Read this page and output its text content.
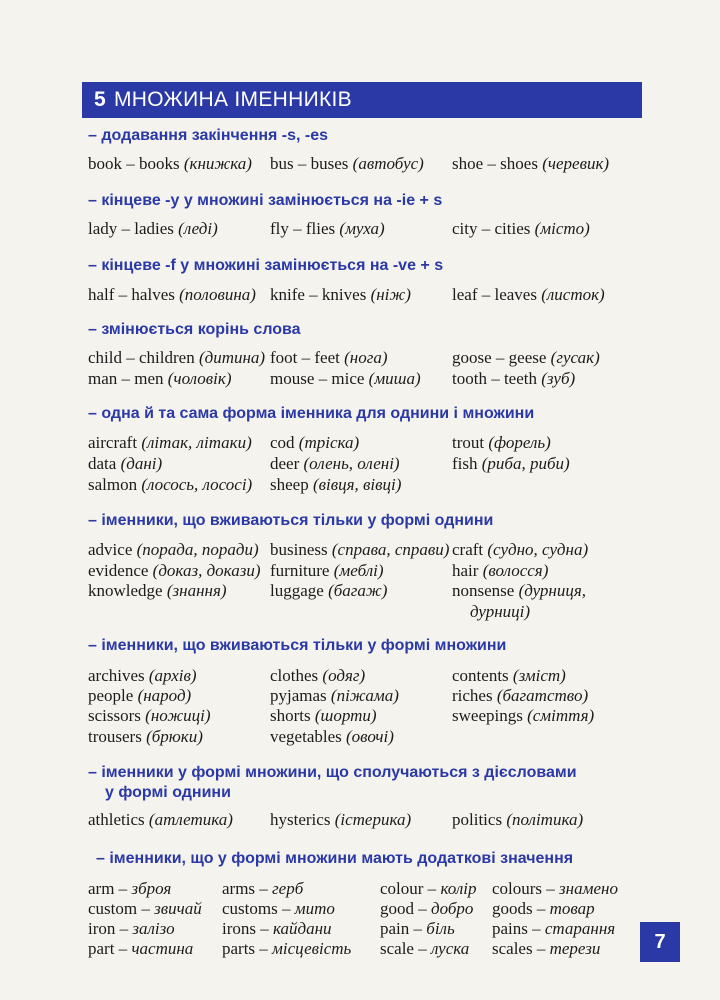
5 МНОЖИНА ІМЕННИКІВ
– додавання закінчення -s, -es
book – books (книжка) bus – buses (автобус) shoe – shoes (черевик)
– кінцеве -y у множині замінюється на -ie + s
lady – ladies (леді)	fly – flies (муха)	city – cities (місто)
– кінцеве -f у множині замінюється на -ve + s
half – halves (половина) knife – knives (ніж) leaf – leaves (листок)
– змінюється корінь слова
child – children (дитина) foot – feet (нога)	goose – geese (гусак)
man – men (чоловік) mouse – mice (миша) tooth – teeth (зуб)
– одна й та сама форма іменника для однини і множини
aircraft (літак, літаки) cod (тріска)	trout (форель)
data (дані)	deer (олень, олені)	fish (риба, риби)
salmon (лосось, лососі) sheep (вівця, вівці)
– іменники, що вживаються тільки у формі однини
advice (порада, поради) business (справа, справи) craft (судно, судна)
evidence (доказ, докази) furniture (меблі)	hair (волосся)
knowledge (знання)	luggage (багаж)	nonsense (дурниця,
дурниці)
– іменники, що вживаються тільки у формі множини
archives (архів)	clothes (одяг)	contents (зміст)
people (народ)	pyjamas (піжама)	riches (багатство)
scissors (ножиці)	shorts (шорти)	sweepings (сміття)
trousers (брюки)	vegetables (овочі)
– іменники у формі множини, що сполучаються з дієсловами
у формі однини
athletics (атлетика) hysterics (істерика) politics (політика)
– іменники, що у формі множини мають додаткові значення
arm – зброя	arms – герб	colour – колір colours – знамено
custom – звичай customs – мито	good – добро goods – товар
iron – залізо	irons – кайдани	pain – біль pains – старання
part – частина parts – місцевість scale – луска scales – терези	7
